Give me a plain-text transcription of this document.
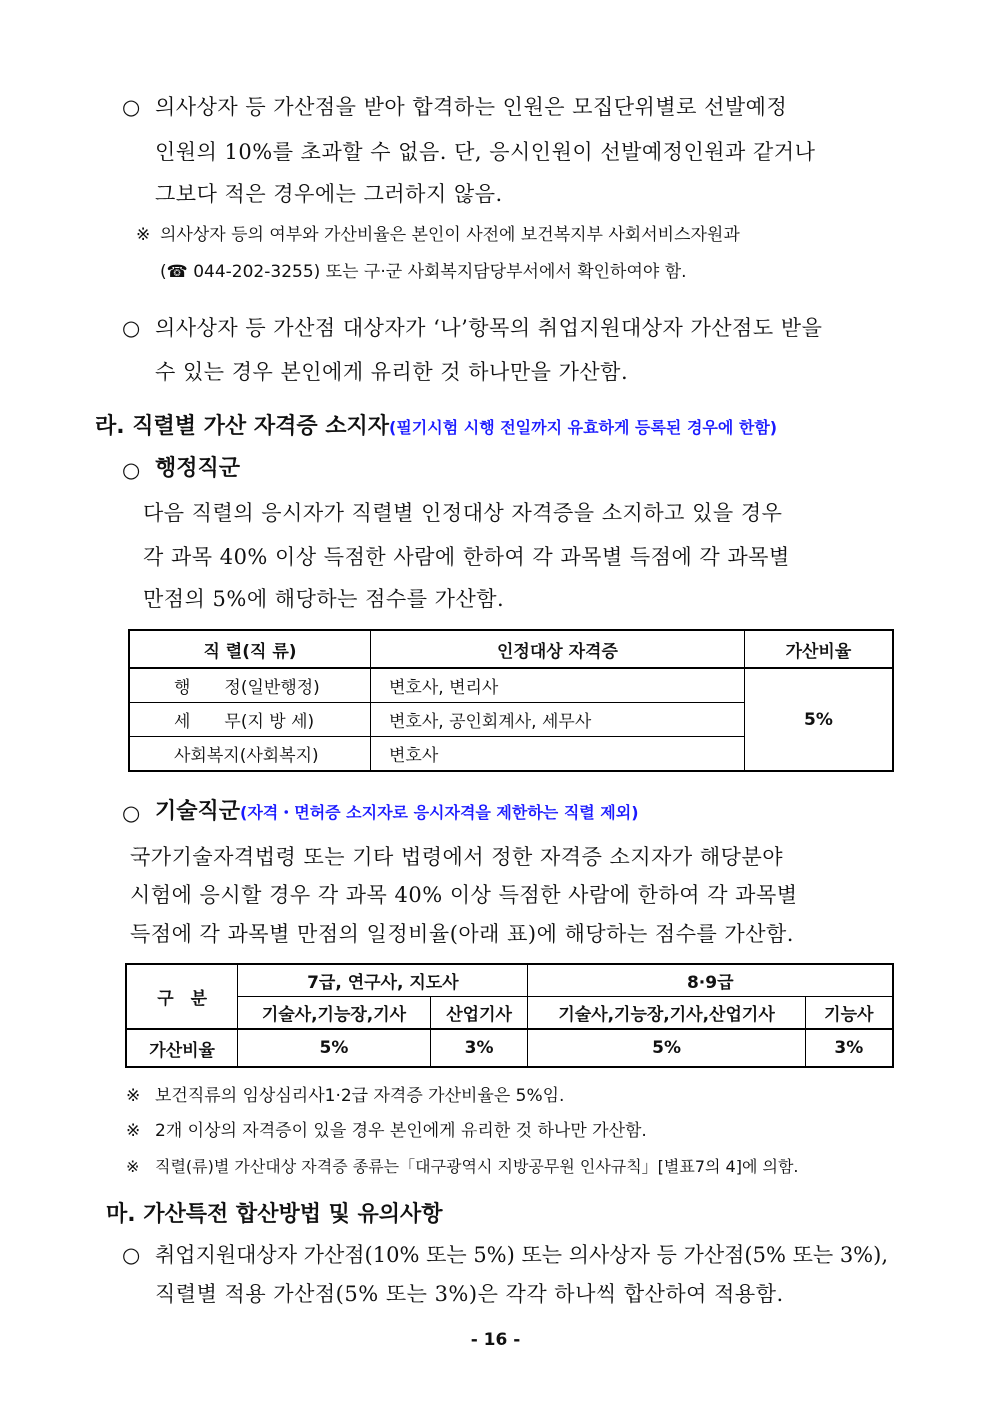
○ 의사상자 등 가산점을 받아 합격하는 인원은 모집단위별로 선발예정
인원의 10%를 초과할 수 없음. 단, 응시인원이 선발예정인원과 같거나
그보다 적은 경우에는 그러하지 않음.
※ 의사상자 등의 여부와 가산비율은 본인이 사전에 보건복지부 사회서비스자원과
(☎ 044-202-3255) 또는 구·군 사회복지담당부서에서 확인하여야 함.
○ 의사상자 등 가산점 대상자가 ‘나’항목의 취업지원대상자 가산점도 받을
수 있는 경우 본인에게 유리한 것 하나만을 가산함.
라. 직렬별 가산 자격증 소지자(필기시험 시행 전일까지 유효하게 등록된 경우에 한함)
○ 행정직군
다음 직렬의 응시자가 직렬별 인정대상 자격증을 소지하고 있을 경우
각 과목 40% 이상 득점한 사람에 한하여 각 과목별 득점에 각 과목별
만점의 5%에 해당하는 점수를 가산함.
직 렬(직 류)	인정대상 자격증	가산비율
행　　정(일반행정)	변호사, 변리사	5%
세　　무(지 방 세)	변호사, 공인회계사, 세무사	
사회복지(사회복지)	변호사	
○ 기술직군(자격・면허증 소지자로 응시자격을 제한하는 직렬 제외)
국가기술자격법령 또는 기타 법령에서 정한 자격증 소지자가 해당분야
시험에 응시할 경우 각 과목 40% 이상 득점한 사람에 한하여 각 과목별
득점에 각 과목별 만점의 일정비율(아래 표)에 해당하는 점수를 가산함.
구　분	7급, 연구사, 지도사		8·9급	
	기술사,기능장,기사	산업기사	기술사,기능장,기사,산업기사	기능사
가산비율	5%	3%	5%	3%
※ 보건직류의 임상심리사1·2급 자격증 가산비율은 5%임.
※ 2개 이상의 자격증이 있을 경우 본인에게 유리한 것 하나만 가산함.
※ 직렬(류)별 가산대상 자격증 종류는「대구광역시 지방공무원 인사규칙」[별표7의 4]에 의함.
마. 가산특전 합산방법 및 유의사항
○ 취업지원대상자 가산점(10% 또는 5%) 또는 의사상자 등 가산점(5% 또는 3%),
직렬별 적용 가산점(5% 또는 3%)은 각각 하나씩 합산하여 적용함.
- 16 -
